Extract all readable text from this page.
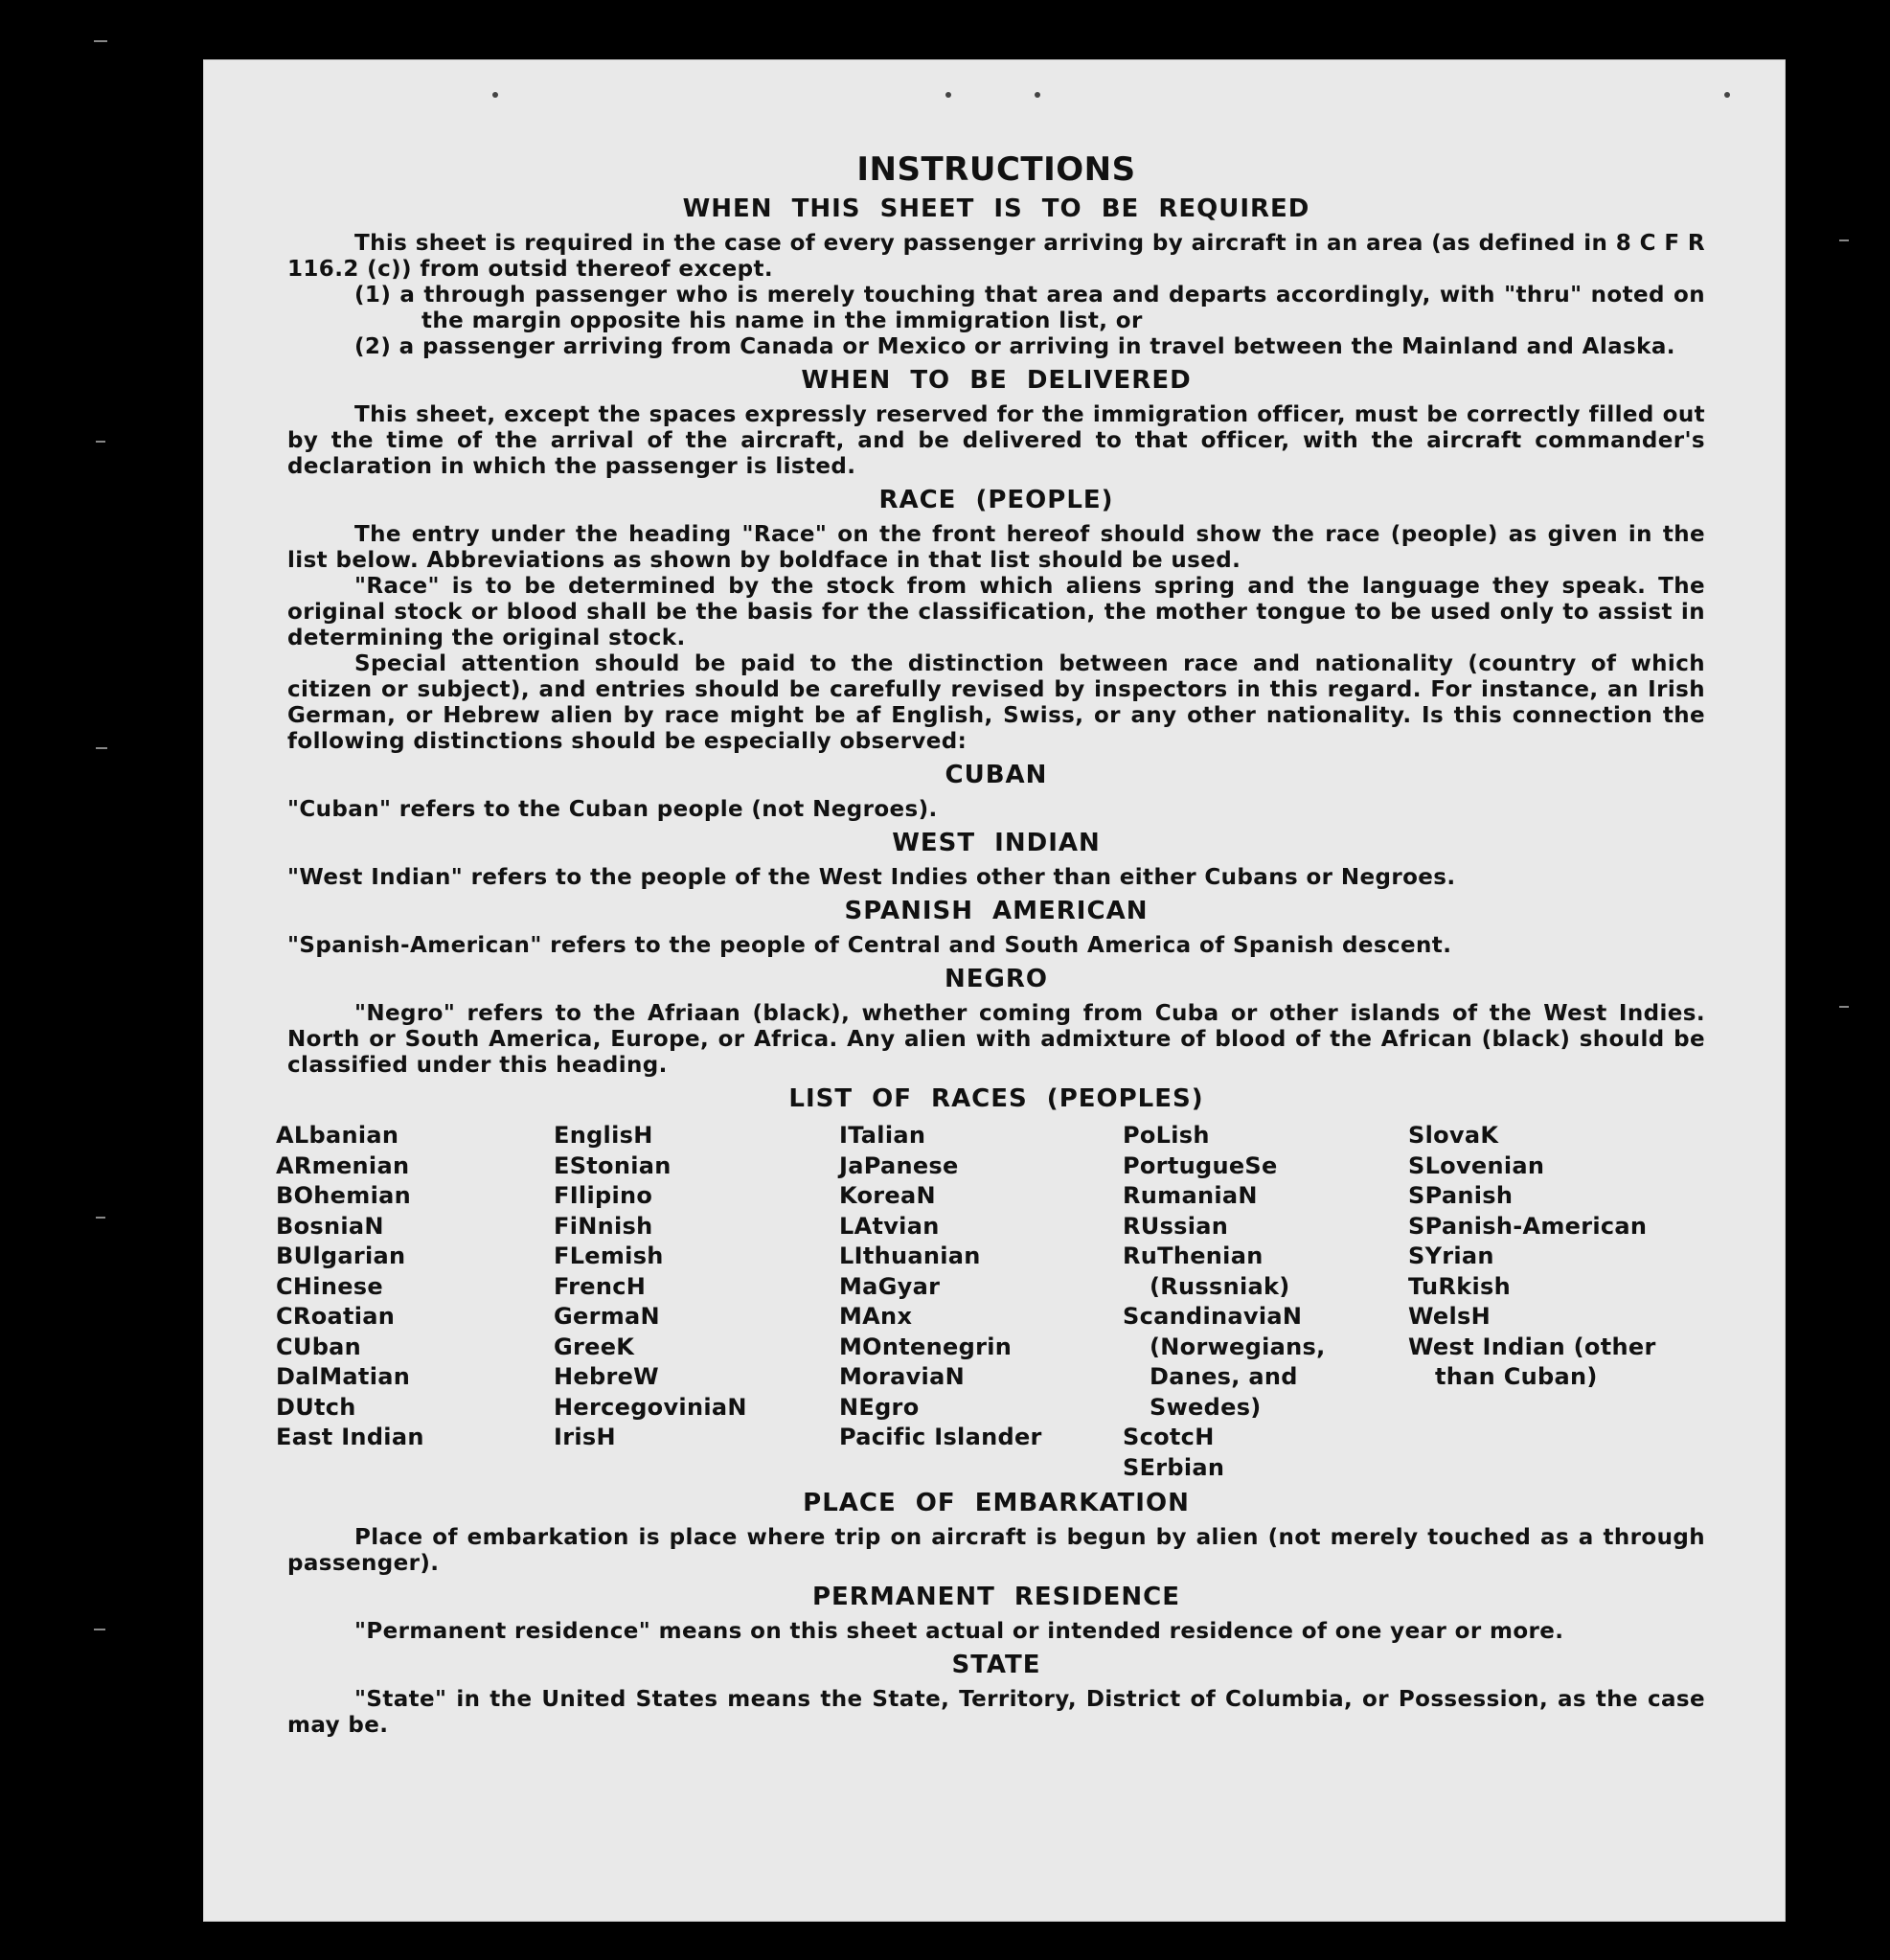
INSTRUCTIONS
WHEN THIS SHEET IS TO BE REQUIRED

This sheet is required in the case of every passenger arriving by aircraft in an area (as defined in 8 C F R 116.2 (c)) from outsid thereof except.

(1) a through passenger who is merely touching that area and departs accordingly, with "thru" noted on the margin opposite his name in the immigration list, or

(2) a passenger arriving from Canada or Mexico or arriving in travel between the Mainland and Alaska.

WHEN TO BE DELIVERED

This sheet, except the spaces expressly reserved for the immigration officer, must be correctly filled out by the time of the arrival of the aircraft, and be delivered to that officer, with the aircraft commander's declaration in which the passenger is listed.

RACE (PEOPLE)

The entry under the heading "Race" on the front hereof should show the race (people) as given in the list below. Abbreviations as shown by boldface in that list should be used.

"Race" is to be determined by the stock from which aliens spring and the language they speak. The original stock or blood shall be the basis for the classification, the mother tongue to be used only to assist in determining the original stock.

Special attention should be paid to the distinction between race and nationality (country of which citizen or subject), and entries should be carefully revised by inspectors in this regard. For instance, an Irish German, or Hebrew alien by race might be af English, Swiss, or any other nationality. Is this connection the following distinctions should be especially observed:

CUBAN

"Cuban" refers to the Cuban people (not Negroes).

WEST INDIAN

"West Indian" refers to the people of the West Indies other than either Cubans or Negroes.

SPANISH AMERICAN

"Spanish-American" refers to the people of Central and South America of Spanish descent.

NEGRO

"Negro" refers to the Afriaan (black), whether coming from Cuba or other islands of the West Indies. North or South America, Europe, or Africa. Any alien with admixture of blood of the African (black) should be classified under this heading.

LIST OF RACES (PEOPLES)
ALbanian
ARmenian
BOhemian
BosniaN
BUlgarian
CHinese
CRoatian
CUban
DalMatian
DUtch
East Indian
EnglisH
EStonian
FIlipino
FiNnish
FLemish
FrencH
GermaN
GreeK
HebreW
HercegoviniaN
IrisH
ITalian
JaPanese
KoreaN
LAtvian
LIthuanian
MaGyar
MAnx
MOntenegrin
MoraviaN
NEgro
Pacific Islander
PoLish
PortugueSe
RumaniaN
RUssian
RuThenian (Russniak)
ScandinaviaN (Norwegians, Danes, and Swedes)
ScotcH
SErbian
SlovaK
SLovenian
SPanish
SPanish-American
SYrian
TuRkish
WelsH
West Indian (other than Cuban)
PLACE OF EMBARKATION

Place of embarkation is place where trip on aircraft is begun by alien (not merely touched as a through passenger).

PERMANENT RESIDENCE

"Permanent residence" means on this sheet actual or intended residence of one year or more.

STATE

"State" in the United States means the State, Territory, District of Columbia, or Possession, as the case may be.
